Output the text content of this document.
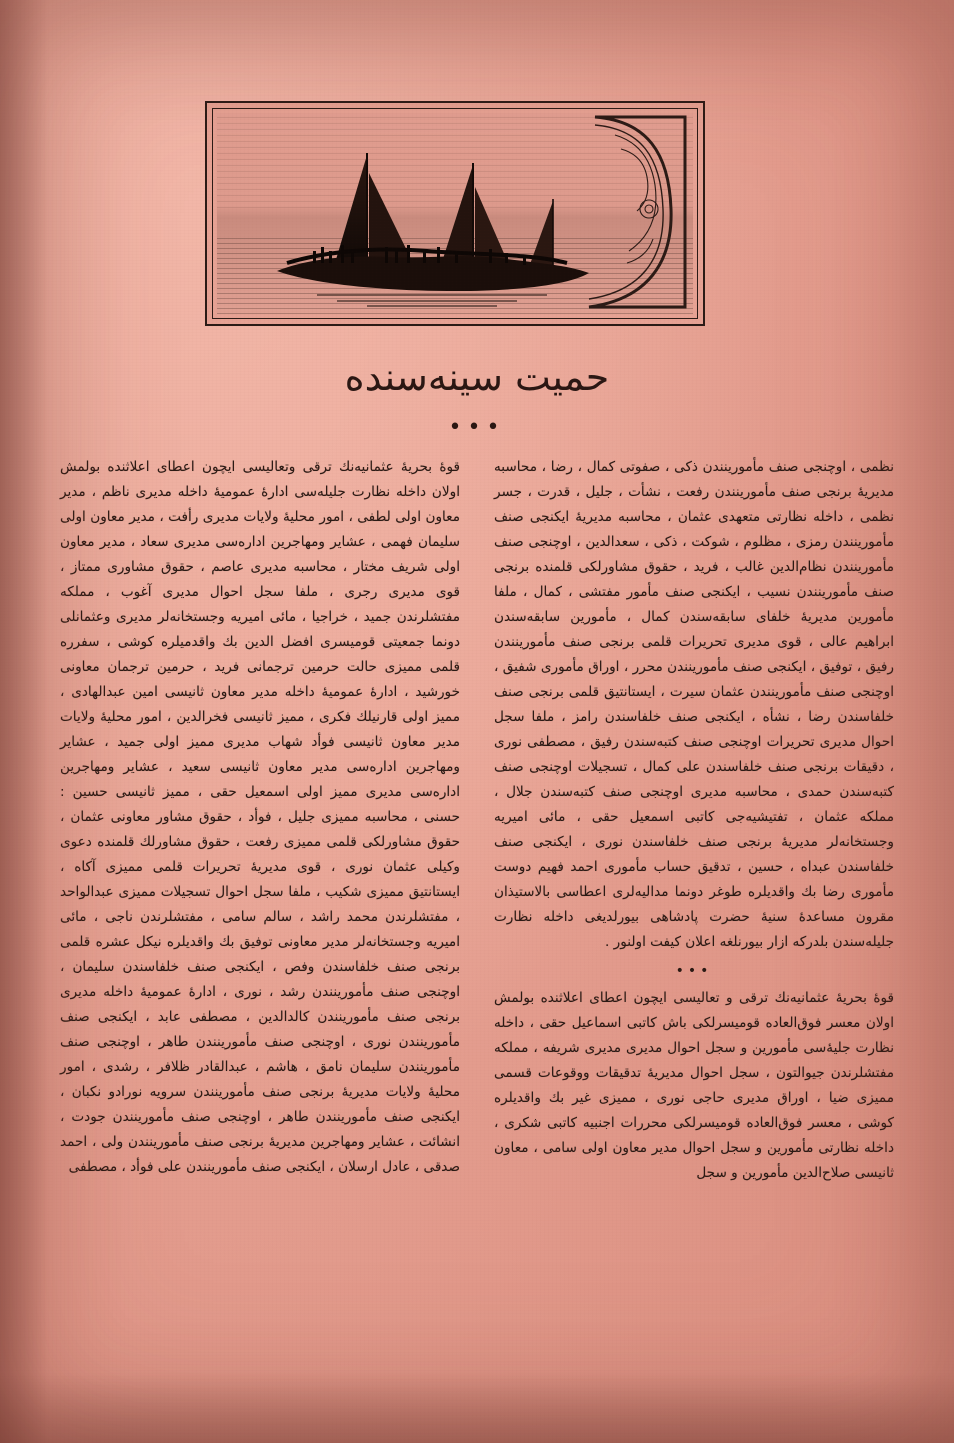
حميت سينه‌سنده
•••

قوۀ بحریهٔ عثمانیه‌نك ترقی وتعالیسی ایچون اعطای اعلاثنده بولمش اولان داخله نظارت جلیله‌سی ادارهٔ عمومیهٔ داخله مدیری ناظم ، مدیر معاون اولی لطفی ، امور محلیهٔ ولایات مدیری رأفت ، مدیر معاون اولی سلیمان فهمی ، عشایر ومهاجرین اداره‌سی مدیری سعاد ، مدیر معاون اولی شریف مختار ، محاسبه مدیری عاصم ، حقوق مشاوری ممتاز ، قوی مدیری رجری ، ملفا سجل احوال مدیری آغوب ، مملكه مفتشلرندن جمید ، خراجیا ، مائی امیریه وجستخانه‌لر مدیری وعثمانلی دونما جمعیتی قومیسری افضل الدین بك واقدمیلره كوشی ، سفرره قلمی ممیزی حالت حرمین ترجمانی فرید ، حرمین ترجمان معاونی خورشید ، ادارهٔ عمومیهٔ داخله مدیر معاون ثانیسی امین عبدالهادی ، ممیز اولی قارنیلك فكری ، ممیز ثانیسی فخرالدین ، امور محلیهٔ ولایات مدیر معاون ثانیسی فوأد شهاب مدیری ممیز اولی جمید ، عشایر ومهاجرین اداره‌سی مدیر معاون ثانیسی سعید ، عشایر ومهاجرین اداره‌سی مدیری ممیز اولی اسمعیل حقی ، ممیز ثانیسی حسین : حسنی ، محاسبه ممیزی جلیل ، فوأد ، حقوق مشاور معاونی عثمان ، حقوق مشاورلكی قلمی ممیزی رفعت ، حقوق مشاورلك قلمنده دعوی وكیلی عثمان نوری ، قوی مدیریهٔ تحریرات قلمی ممیزی آكاه ، ایستانتیق ممیزی شكیب ، ملفا سجل احوال تسجیلات ممیزی عبدالواحد ، مفتشلرندن محمد راشد ، سالم سامی ، مفتشلرندن ناجی ، مائی امیریه وجستخانه‌لر مدیر معاونی توفیق بك واقدیلره نیكل عشره قلمی برنجی صنف خلفاسندن وفص ، ایكنجی صنف خلفاسندن سلیمان ، اوچنجی صنف مأمورینندن رشد ، نوری ، ادارهٔ عمومیهٔ داخله مدیری برنجی صنف مأمورینندن كالدالدین ، مصطفی عابد ، ایكنجی صنف مأمورینندن نوری ، اوچنجی صنف مأمورینندن طاهر ، اوچنجی صنف مأمورینندن سلیمان نامق ، هاشم ، عبدالقادر ظلافر ، رشدی ، امور محلیهٔ ولایات مدیریهٔ برنجی صنف مأمورینندن سرویه نورادو نكبان ، ایكنجی صنف مأمورینندن طاهر ، اوچنجی صنف مأمورینندن جودت ، انشائت ، عشایر ومهاجرین مدیریهٔ برنجی صنف مأمورینندن ولی ، احمد صدقی ، عادل ارسلان ، ایكنجی صنف مأمورینندن علی فوأد ، مصطفی

نظمی ، اوچنجی صنف مأمورینندن ذكی ، صفوتی كمال ، رضا ، محاسبه مدیریهٔ برنجی صنف مأمورینندن رفعت ، نشأت ، جلیل ، قدرت ، جسر نظمی ، داخله نظارتی متعهدی عثمان ، محاسبه مدیریهٔ ایكنجی صنف مأمورینندن رمزی ، مظلوم ، شوكت ، ذكی ، سعدالدین ، اوچنجی صنف مأمورینندن نظام‌الدین غالب ، فرید ، حقوق مشاورلكی قلمنده برنجی صنف مأمورینندن نسیب ، ایكنجی صنف مأمور مفتشی ، كمال ، ملفا مأمورین مدیریهٔ خلفای سابقه‌سندن كمال ، مأمورین سابقه‌سندن ابراهیم عالی ، قوی مدیری تحریرات قلمی برنجی صنف مأمورینندن رفیق ، توفیق ، ایكنجی صنف مأمورینندن محرر ، اوراق مأموری شفیق ، اوچنجی صنف مأمورینندن عثمان سیرت ، ایستانتیق قلمی برنجی صنف خلفاسندن رضا ، نشأه ، ایكنجی صنف خلفاسندن رامز ، ملفا سجل احوال مدیری تحریرات اوچنجی صنف كتبه‌سندن رفیق ، مصطفی نوری ، دقیقات برنجی صنف خلفاسندن علی كمال ، تسجیلات اوچنجی صنف كتبه‌سندن حمدی ، محاسبه مدیری اوچنجی صنف كتبه‌سندن جلال ، مملكه عثمان ، تفتیشیه‌جی كاتبی اسمعیل حقی ، مائی امیریه وجستخانه‌لر مدیریهٔ برنجی صنف خلفاسندن نوری ، ایكنجی صنف خلفاسندن عبداه ، حسین ، تدقیق حساب مأموری احمد فهیم دوست مأموری رضا بك واقدیلره طوغر دونما مدالیه‌لری اعطاسی بالاستیذان مقرون مساعدۀ سنیۀ حضرت پادشاهی بیورلدیغی داخله نظارت جلیله‌سندن بلدركه ازار بیورنلغه اعلان كیفت اولنور .

•••

قوۀ بحریهٔ عثمانیه‌نك ترقی و تعالیسی ایچون اعطای اعلاثنده بولمش اولان معسر فوق‌العاده قومیسرلكی باش كاتبی اسماعیل حقی ، داخله نظارت جلیهٔ‌سی مأمورین و سجل احوال مدیری مدیری شریفه ، مملكه مفتشلرندن جیوالتون ، سجل احوال مدیریهٔ تدقیقات ووقوعات قسمی ممیزی ضیا ، اوراق مدیری حاجی نوری ، ممیزی غیر بك واقدیلره كوشی ، معسر فوق‌العاده قومیسرلكی محررات اجنبیه كاتبی شكری ، داخله نظارتی مأمورین و سجل احوال مدیر معاون اولی سامی ، معاون ثانیسی صلاح‌الدین مأمورین و سجل
